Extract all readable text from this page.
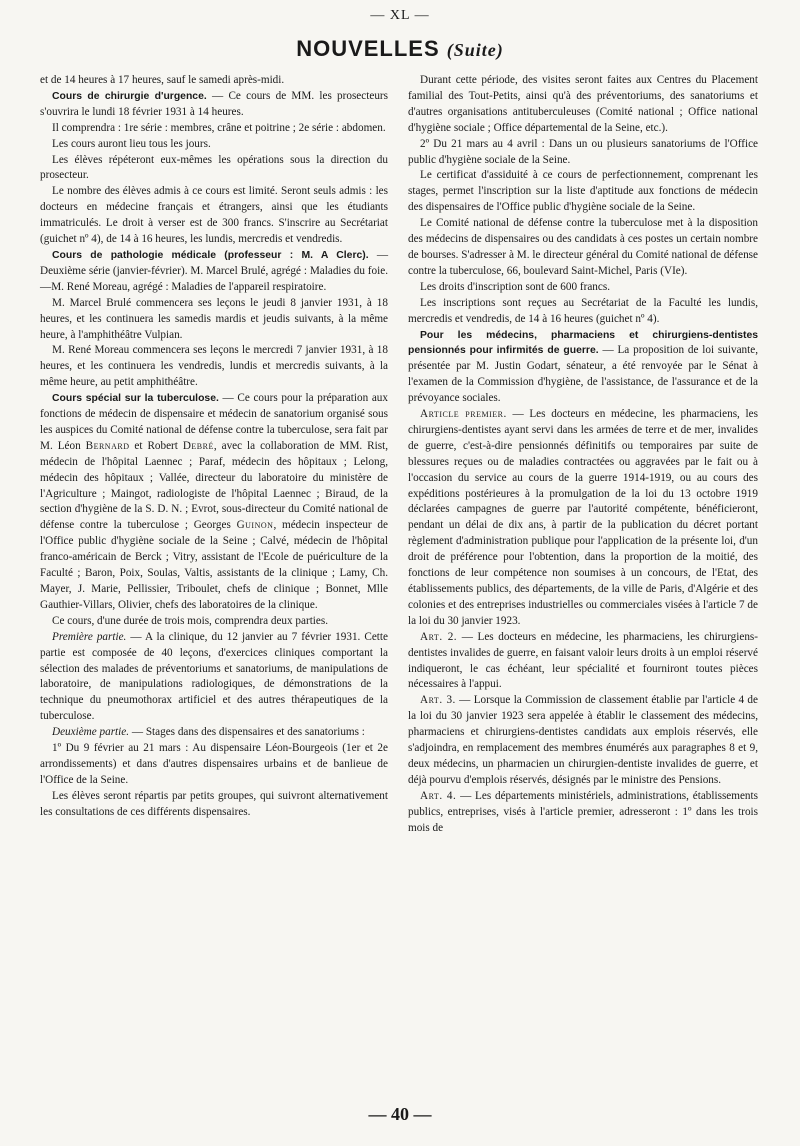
— XL —
NOUVELLES (Suite)

et de 14 heures à 17 heures, sauf le samedi après-midi.

Cours de chirurgie d'urgence. — Ce cours de MM. les prosecteurs s'ouvrira le lundi 18 février 1931 à 14 heures.

Il comprendra : 1re série : membres, crâne et poitrine ; 2e série : abdomen.

Les cours auront lieu tous les jours.

Les élèves répéteront eux-mêmes les opérations sous la direction du prosecteur.

Le nombre des élèves admis à ce cours est limité. Seront seuls admis : les docteurs en médecine français et étrangers, ainsi que les étudiants immatriculés. Le droit à verser est de 300 francs. S'inscrire au Secrétariat (guichet nº 4), de 14 à 16 heures, les lundis, mercredis et vendredis.

Cours de pathologie médicale (professeur : M. A Clerc). — Deuxième série (janvier-février). M. Marcel Brulé, agrégé : Maladies du foie. —M. René Moreau, agrégé : Maladies de l'appareil respiratoire.

M. Marcel Brulé commencera ses leçons le jeudi 8 janvier 1931, à 18 heures, et les continuera les samedis mardis et jeudis suivants, à la même heure, à l'amphithéâtre Vulpian.

M. René Moreau commencera ses leçons le mercredi 7 janvier 1931, à 18 heures, et les continuera les vendredis, lundis et mercredis suivants, à la même heure, au petit amphithéâtre.

Cours spécial sur la tuberculose. — Ce cours pour la préparation aux fonctions de médecin de dispensaire et médecin de sanatorium organisé sous les auspices du Comité national de défense contre la tuberculose, sera fait par M. Léon Bernard et Robert Debré, avec la collaboration de MM. Rist, médecin de l'hôpital Laennec ; Paraf, médecin des hôpitaux ; Lelong, médecin des hôpitaux ; Vallée, directeur du laboratoire du ministère de l'Agriculture ; Maingot, radiologiste de l'hôpital Laennec ; Biraud, de la section d'hygiène de la S. D. N. ; Evrot, sous-directeur du Comité national de défense contre la tuberculose ; Georges Guinon, médecin inspecteur de l'Office public d'hygiène sociale de la Seine ; Calvé, médecin de l'hôpital franco-américain de Berck ; Vitry, assistant de l'Ecole de puériculture de la Faculté ; Baron, Poix, Soulas, Valtis, assistants de la clinique ; Lamy, Ch. Mayer, J. Marie, Pellissier, Triboulet, chefs de clinique ; Bonnet, Mlle Gauthier-Villars, Olivier, chefs des laboratoires de la clinique.

Ce cours, d'une durée de trois mois, comprendra deux parties.

Première partie. — A la clinique, du 12 janvier au 7 février 1931. Cette partie est composée de 40 leçons, d'exercices cliniques comportant la sélection des malades de préventoriums et sanatoriums, de manipulations de laboratoire, de manipulations radiologiques, de démonstrations de la technique du pneumothorax artificiel et des autres thérapeutiques de la tuberculose.

Deuxième partie. — Stages dans des dispensaires et des sanatoriums :

1º Du 9 février au 21 mars : Au dispensaire Léon-Bourgeois (1er et 2e arrondissements) et dans d'autres dispensaires urbains et de banlieue de l'Office de la Seine.

Les élèves seront répartis par petits groupes, qui suivront alternativement les consultations de ces différents dispensaires.

Durant cette période, des visites seront faites aux Centres du Placement familial des Tout-Petits, ainsi qu'à des préventoriums, des sanatoriums et d'autres organisations antituberculeuses (Comité national ; Office national d'hygiène sociale ; Office départemental de la Seine, etc.).

2º Du 21 mars au 4 avril : Dans un ou plusieurs sanatoriums de l'Office public d'hygiène sociale de la Seine.

Le certificat d'assiduité à ce cours de perfectionnement, comprenant les stages, permet l'inscription sur la liste d'aptitude aux fonctions de médecin des dispensaires de l'Office public d'hygiène sociale de la Seine.

Le Comité national de défense contre la tuberculose met à la disposition des médecins de dispensaires ou des candidats à ces postes un certain nombre de bourses. S'adresser à M. le directeur général du Comité national de défense contre la tuberculose, 66, boulevard Saint-Michel, Paris (VIe).

Les droits d'inscription sont de 600 francs.

Les inscriptions sont reçues au Secrétariat de la Faculté les lundis, mercredis et vendredis, de 14 à 16 heures (guichet nº 4).

Pour les médecins, pharmaciens et chirurgiens-dentistes pensionnés pour infirmités de guerre. — La proposition de loi suivante, présentée par M. Justin Godart, sénateur, a été renvoyée par le Sénat à l'examen de la Commission d'hygiène, de l'assistance, de l'assurance et de la prévoyance sociales.

Article premier. — Les docteurs en médecine, les pharmaciens, les chirurgiens-dentistes ayant servi dans les armées de terre et de mer, invalides de guerre, c'est-à-dire pensionnés définitifs ou temporaires par suite de blessures reçues ou de maladies contractées ou aggravées par le fait ou à l'occasion du service au cours de la guerre 1914-1919, ou au cours des expéditions postérieures à la promulgation de la loi du 13 octobre 1919 déclarées campagnes de guerre par l'autorité compétente, bénéficieront, pendant un délai de dix ans, à partir de la publication du décret portant règlement d'administration publique pour l'application de la présente loi, d'un droit de préférence pour l'obtention, dans la proportion de la moitié, des fonctions de leur compétence non soumises à un concours, de l'Etat, des établissements publics, des départements, de la ville de Paris, d'Algérie et des colonies et des entreprises industrielles ou commerciales visées à l'article 7 de la loi du 30 janvier 1923.

Art. 2. — Les docteurs en médecine, les pharmaciens, les chirurgiens-dentistes invalides de guerre, en faisant valoir leurs droits à un emploi réservé indiqueront, le cas échéant, leur spécialité et fourniront toutes pièces nécessaires à l'appui.

Art. 3. — Lorsque la Commission de classement établie par l'article 4 de la loi du 30 janvier 1923 sera appelée à établir le classement des médecins, pharmaciens et chirurgiens-dentistes candidats aux emplois réservés, elle s'adjoindra, en remplacement des membres énumérés aux paragraphes 8 et 9, deux médecins, un pharmacien un chirurgien-dentiste invalides de guerre, et déjà pourvu d'emplois réservés, désignés par le ministre des Pensions.

Art. 4. — Les départements ministériels, administrations, établissements publics, entreprises, visés à l'article premier, adresseront : 1º dans les trois mois de

— 40 —
